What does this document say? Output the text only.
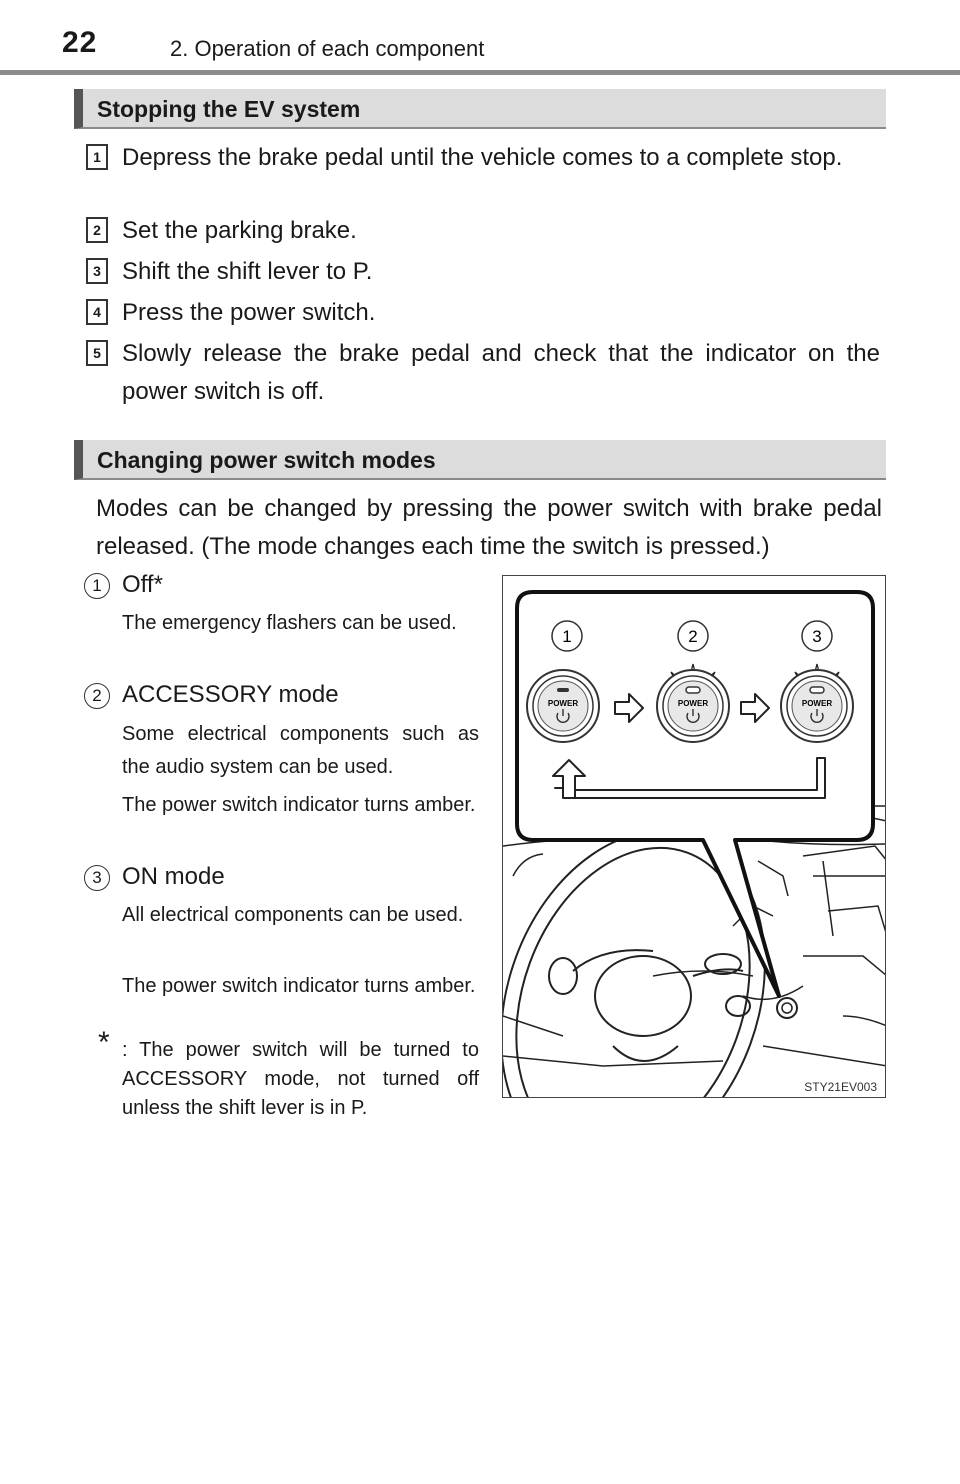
22	2. Operation of each component
Stopping the EV system
1 Depress the brake pedal until the vehicle comes to a complete stop.
2 Set the parking brake.
3 Shift the shift lever to P.
4 Press the power switch.
5 Slowly release the brake pedal and check that the indicator on the power switch is off.
Changing power switch modes
Modes can be changed by pressing the power switch with brake pedal released. (The mode changes each time the switch is pressed.)
1 Off*
The emergency flashers can be used.
2 ACCESSORY mode
Some electrical components such as the audio system can be used.
The power switch indicator turns amber.
3 ON mode
All electrical components can be used.
The power switch indicator turns amber.
* : The power switch will be turned to ACCESSORY mode, not turned off unless the shift lever is in P.
1	2	3
POWER	POWER	POWER
STY21EV003
